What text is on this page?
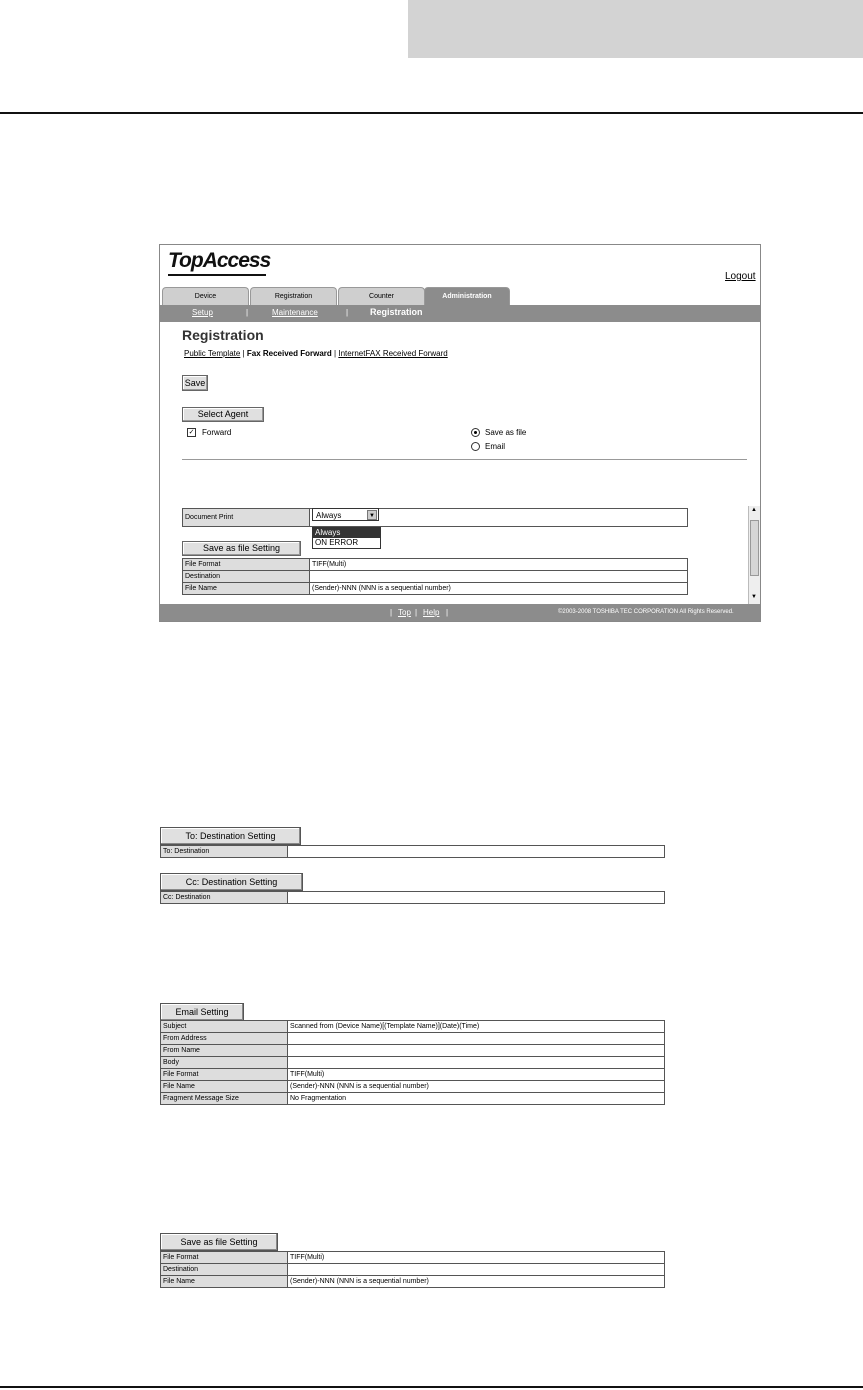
TopAccess
Logout
Device	Registration	Counter	Administration
Setup	|	Maintenance	| Registration
Registration
Public Template | Fax Received Forward | InternetFAX Received Forward
Save
Select Agent
✓ Forward	Save as file
Email
Document Print		Always	▼
Always
ON ERROR
Save as file Setting
File Format	TIFF(Multi)
Destination	
File Name	(Sender)-NNN (NNN is a sequential number)
▲
▼
| Top | Help |	©2003-2008 TOSHIBA TEC CORPORATION All Rights Reserved.
To: Destination Setting
To: Destination	
Cc: Destination Setting
Cc: Destination	
Email Setting
Subject	Scanned from (Device Name)[(Template Name)](Date)(Time)
From Address	
From Name	
Body	
File Format	TIFF(Multi)
File Name	(Sender)-NNN (NNN is a sequential number)
Fragment Message Size	No Fragmentation
Save as file Setting
File Format	TIFF(Multi)
Destination	
File Name	(Sender)-NNN (NNN is a sequential number)
